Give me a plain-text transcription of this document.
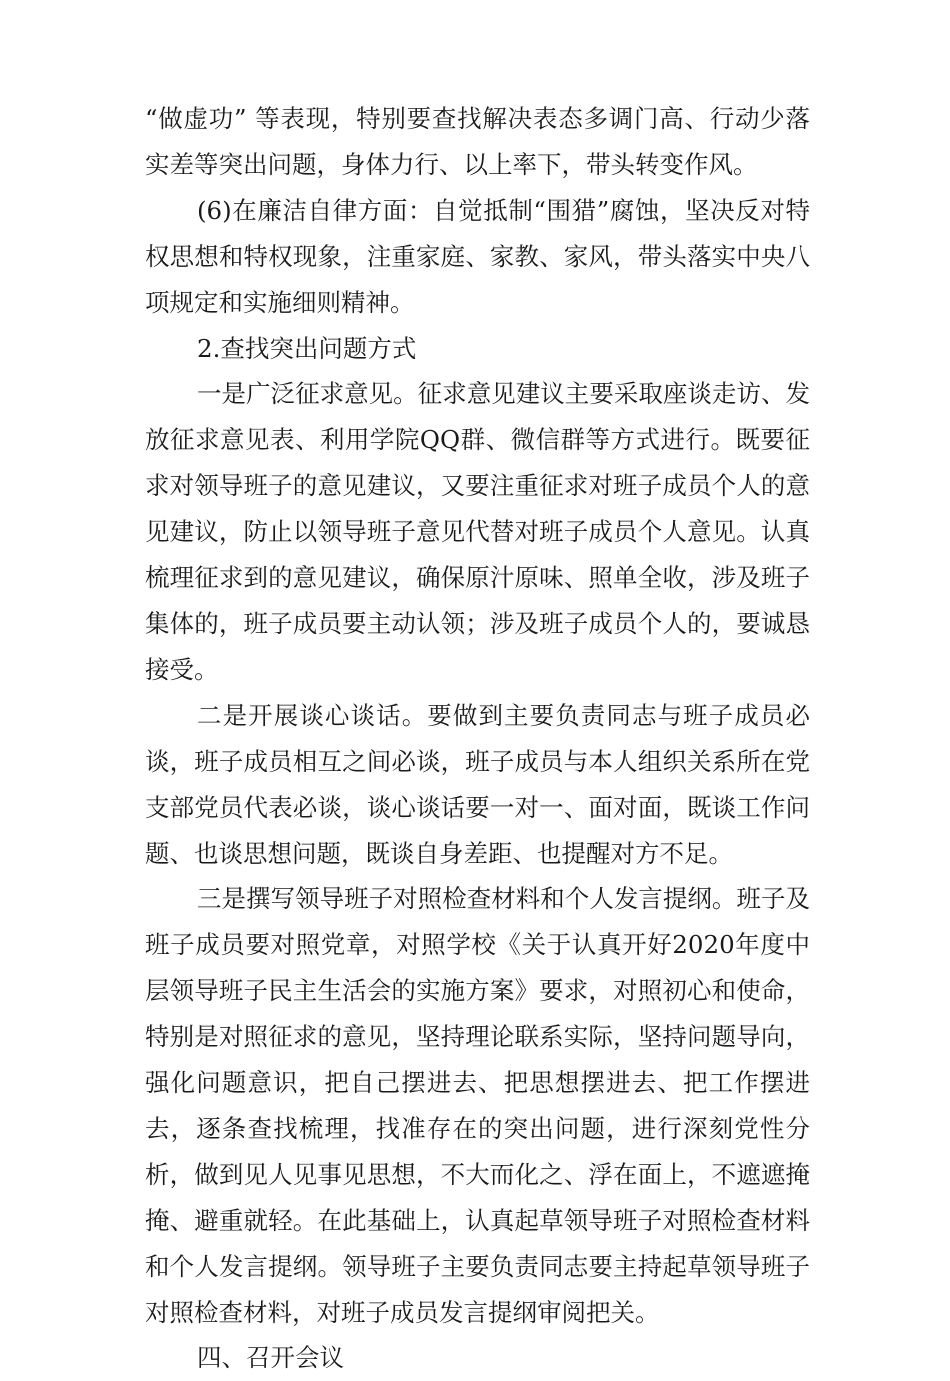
“做虚功” 等表现，特别要查找解决表态多调门高、行动少落实差等突出问题，身体力行、以上率下，带头转变作风。

(6)在廉洁自律方面：自觉抵制“围猎”腐蚀，坚决反对特权思想和特权现象，注重家庭、家教、家风，带头落实中央八项规定和实施细则精神。

2.查找突出问题方式

一是广泛征求意见。征求意见建议主要采取座谈走访、发放征求意见表、利用学院QQ群、微信群等方式进行。既要征求对领导班子的意见建议，又要注重征求对班子成员个人的意见建议，防止以领导班子意见代替对班子成员个人意见。认真梳理征求到的意见建议，确保原汁原味、照单全收，涉及班子集体的，班子成员要主动认领；涉及班子成员个人的，要诚恳接受。

二是开展谈心谈话。要做到主要负责同志与班子成员必谈，班子成员相互之间必谈，班子成员与本人组织关系所在党支部党员代表必谈，谈心谈话要一对一、面对面，既谈工作问题、也谈思想问题，既谈自身差距、也提醒对方不足。

三是撰写领导班子对照检查材料和个人发言提纲。班子及班子成员要对照党章，对照学校《关于认真开好2020年度中层领导班子民主生活会的实施方案》要求，对照初心和使命，特别是对照征求的意见，坚持理论联系实际，坚持问题导向，强化问题意识，把自己摆进去、把思想摆进去、把工作摆进去，逐条查找梳理，找准存在的突出问题，进行深刻党性分析，做到见人见事见思想，不大而化之、浮在面上，不遮遮掩掩、避重就轻。在此基础上，认真起草领导班子对照检查材料和个人发言提纲。领导班子主要负责同志要主持起草领导班子对照检查材料，对班子成员发言提纲审阅把关。

四、召开会议
